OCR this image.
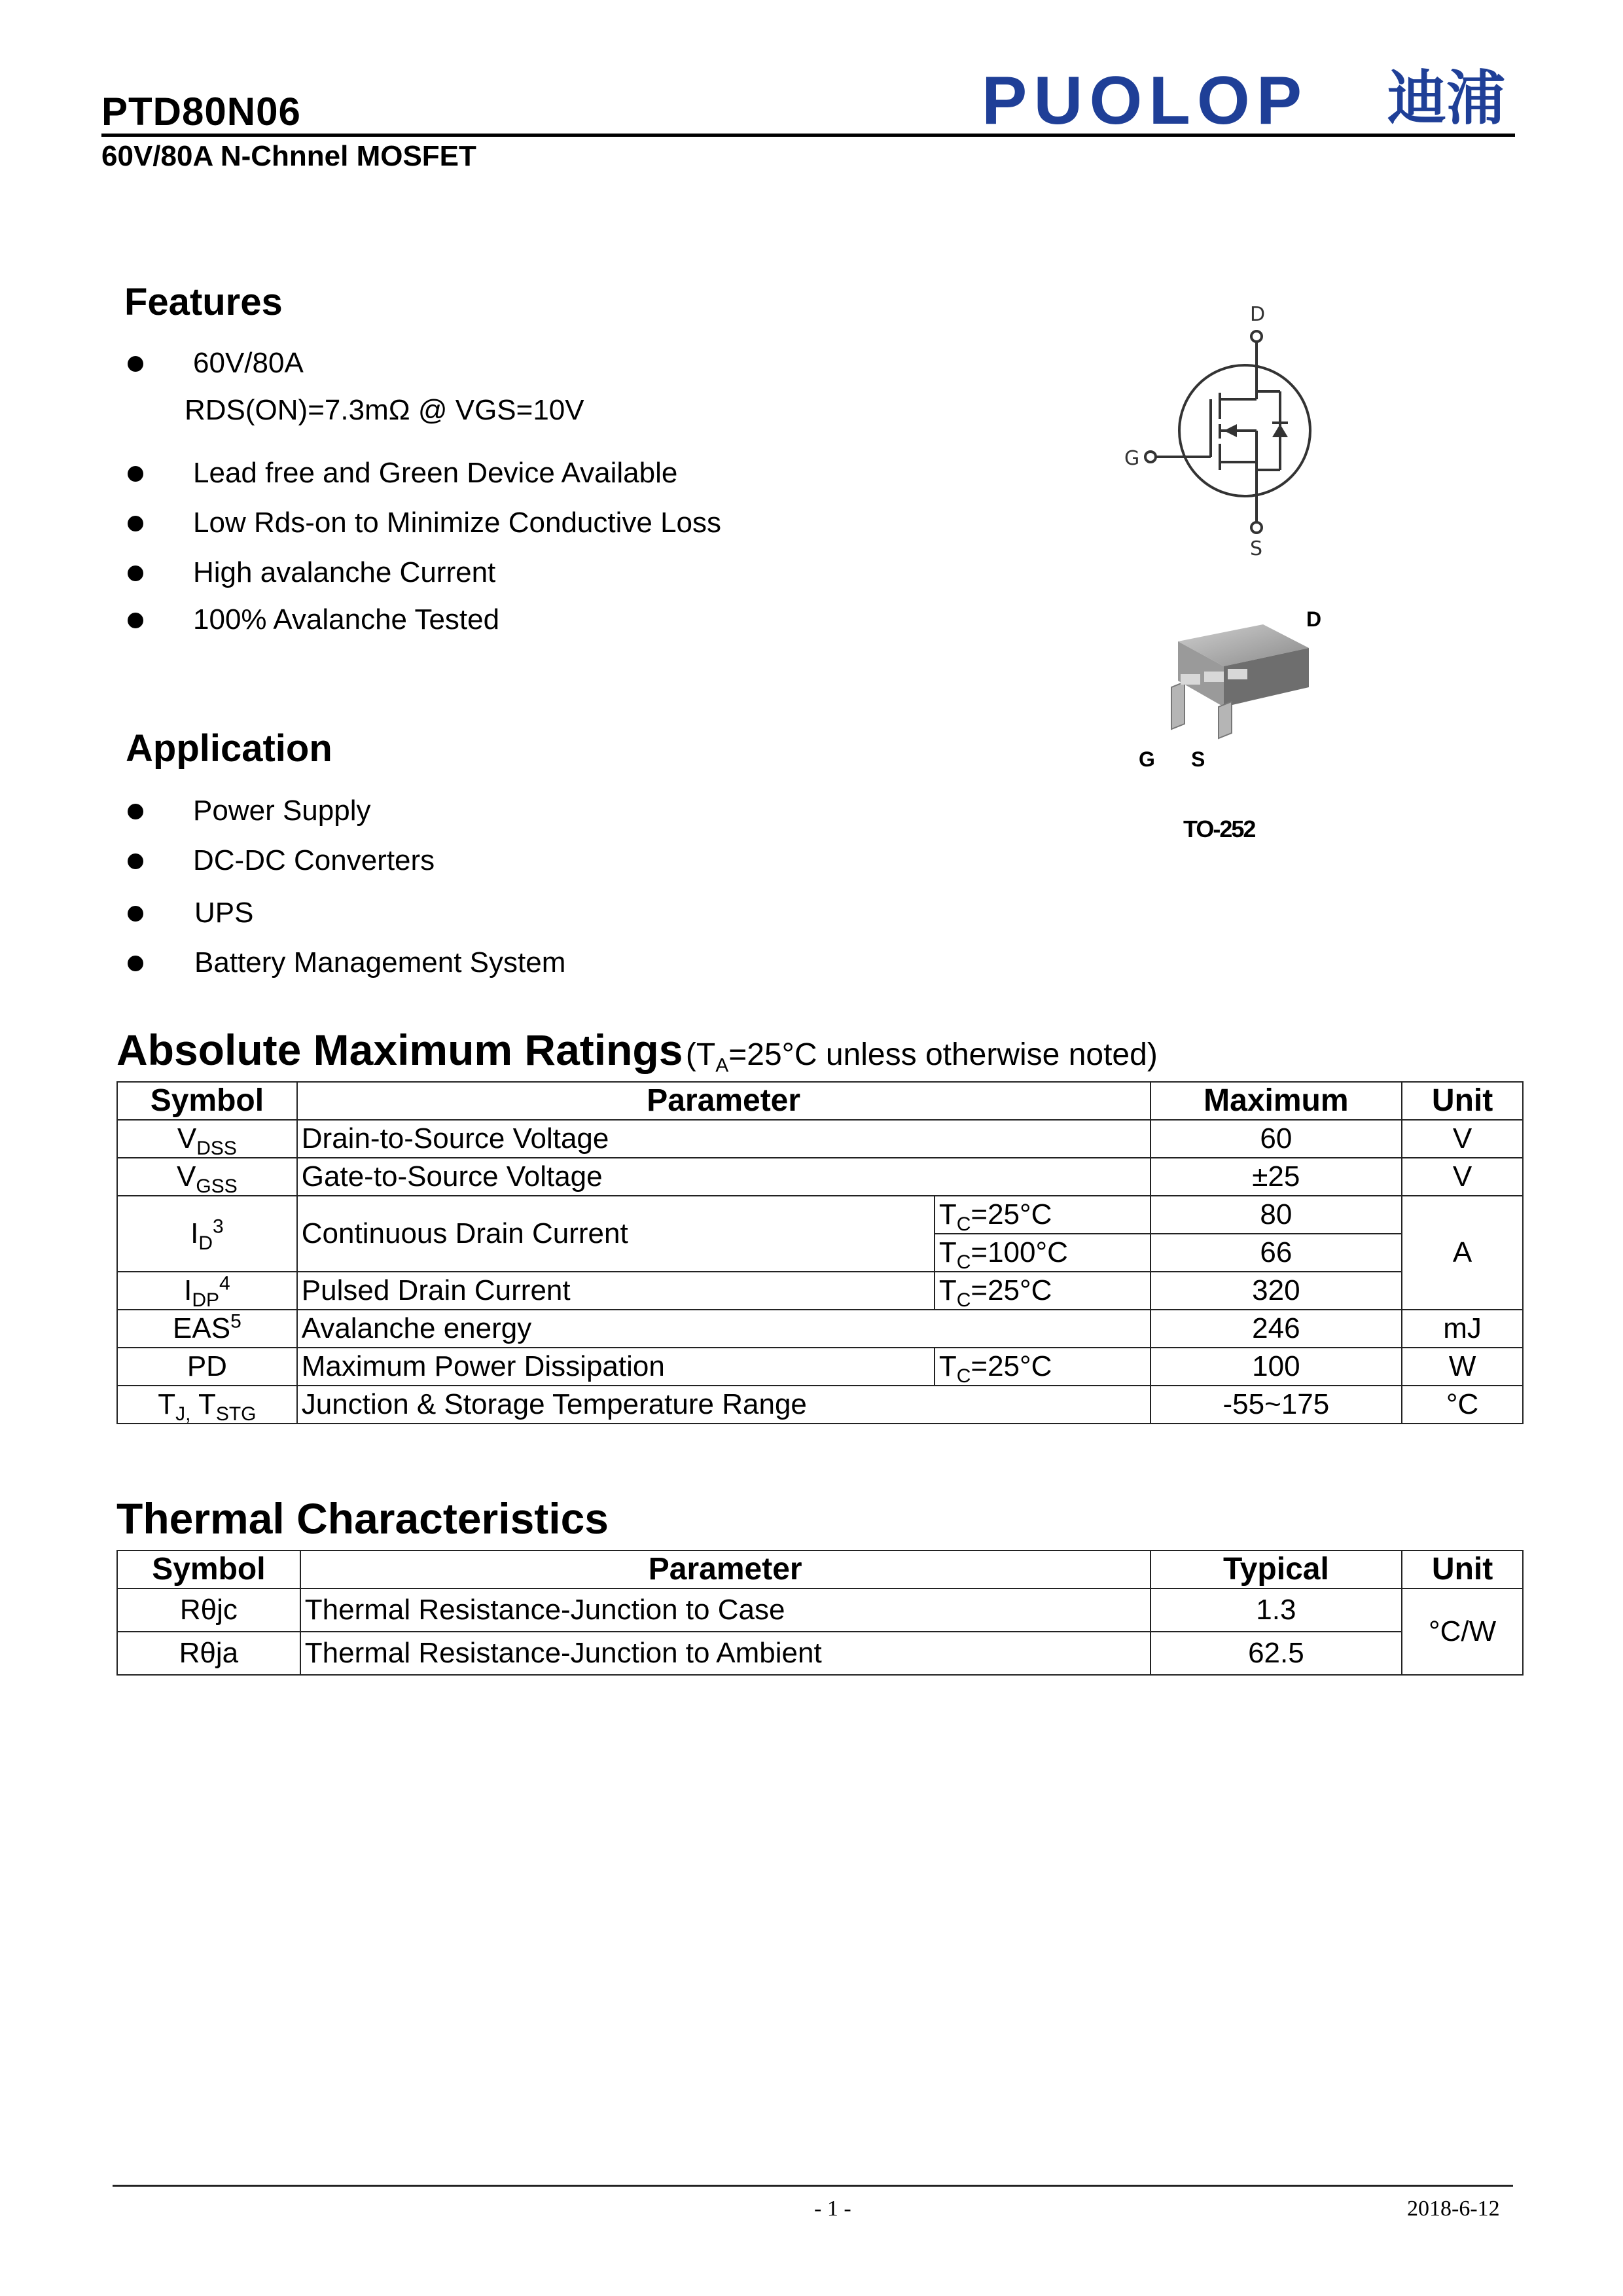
PTD80N06
60V/80A N-Chnnel MOSFET
PUOLOP 迪浦
Features
60V/80A
RDS(ON)=7.3mΩ @ VGS=10V
Lead free and Green Device Available
Low Rds-on to Minimize Conductive Loss
High avalanche Current
100% Avalanche Tested
Application
Power Supply
DC-DC Converters
UPS
Battery Management System
D
G
S
D
G S
TO-252
Absolute Maximum Ratings ($T_A=25^\circ C$ unless otherwise noted)
Symbol	Parameter		Maximum	Unit
$V_{DSS}$	Drain-to-Source Voltage		60	V
$V_{GSS}$	Gate-to-Source Voltage		±25	V
$I_D^3$	Continuous Drain Current	$T_C=25^\circ C$	80	A
		$T_C=100^\circ C$	66	
$I_{DP}^4$	Pulsed Drain Current	$T_C=25^\circ C$	320	
EAS$^5$	Avalanche energy		246	mJ
PD	Maximum Power Dissipation	$T_C=25^\circ C$	100	W
$T_{J,}$ $T_{STG}$	Junction & Storage Temperature Range		-55~175	°C
Thermal Characteristics
Symbol	Parameter	Typical	Unit
Rθjc	Thermal Resistance-Junction to Case	1.3	°C/W
Rθja	Thermal Resistance-Junction to Ambient	62.5	
- 1 -	2018-6-12
